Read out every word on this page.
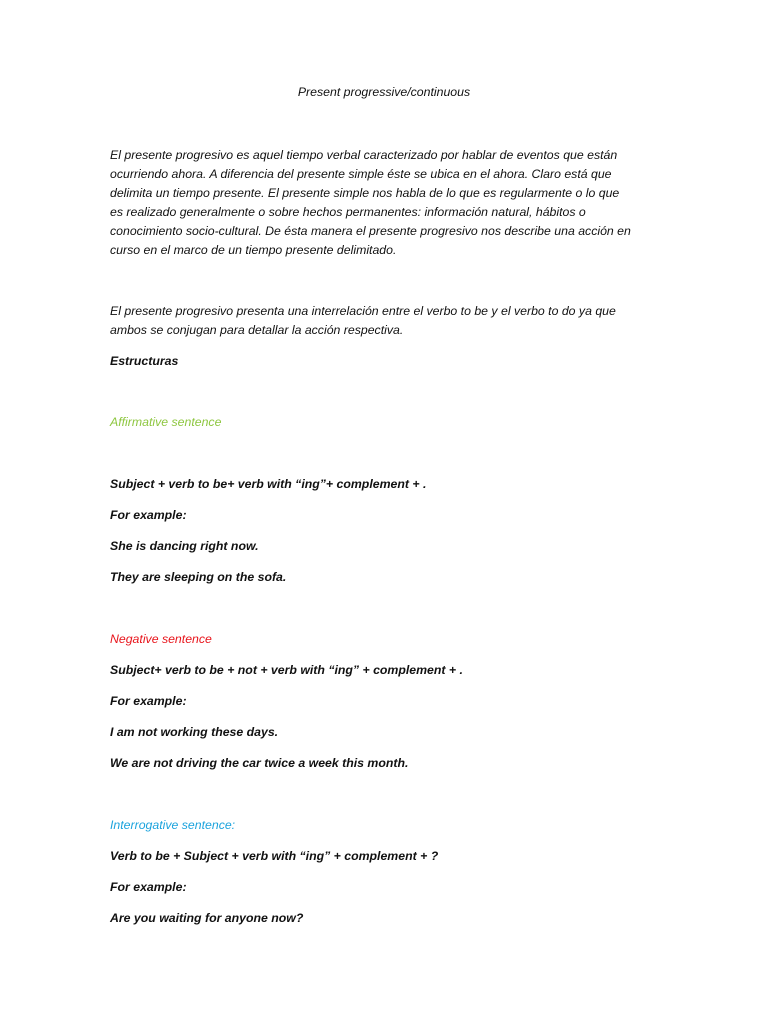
Present progressive/continuous

El presente progresivo es aquel tiempo verbal caracterizado por hablar de eventos que están
ocurriendo ahora. A diferencia del presente simple éste se ubica en el ahora. Claro está que
delimita un tiempo presente. El presente simple nos habla de lo que es regularmente o lo que
es realizado generalmente o sobre hechos permanentes: información natural, hábitos o
conocimiento socio-cultural. De ésta manera el presente progresivo nos describe una acción en
curso en el marco de un tiempo presente delimitado.
El presente progresivo presenta una interrelación entre el verbo to be y el verbo to do ya que
ambos se conjugan para detallar la acción respectiva.

Estructuras

Affirmative sentence

Subject + verb to be+ verb with “ing”+ complement + .

For example:

She is dancing right now.

They are sleeping on the sofa.

Negative sentence

Subject+ verb to be + not + verb with “ing” + complement + .

For example:

I am not working these days.

We are not driving the car twice a week this month.

Interrogative sentence:

Verb to be + Subject + verb with “ing” + complement + ?

For example:

Are you waiting for anyone now?
